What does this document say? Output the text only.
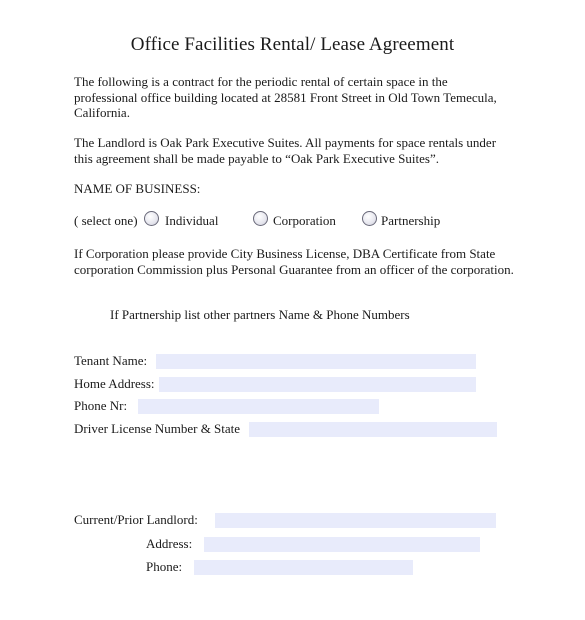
Office Facilities Rental/ Lease Agreement
The following is a contract for the periodic rental of certain space in the professional office building located at 28581 Front Street in Old Town Temecula, California.
The Landlord is Oak Park Executive Suites. All payments for space rentals under this agreement shall be made payable to “Oak Park Executive Suites”.
NAME OF BUSINESS:
( select one) Individual	Corporation	Partnership
If Corporation please provide City Business License, DBA Certificate from State corporation Commission plus Personal Guarantee from an officer of the corporation.
If Partnership list other partners Name & Phone Numbers
Tenant Name:
Home Address:
Phone Nr:
Driver License Number & State
Current/Prior Landlord:
Address:
Phone:
